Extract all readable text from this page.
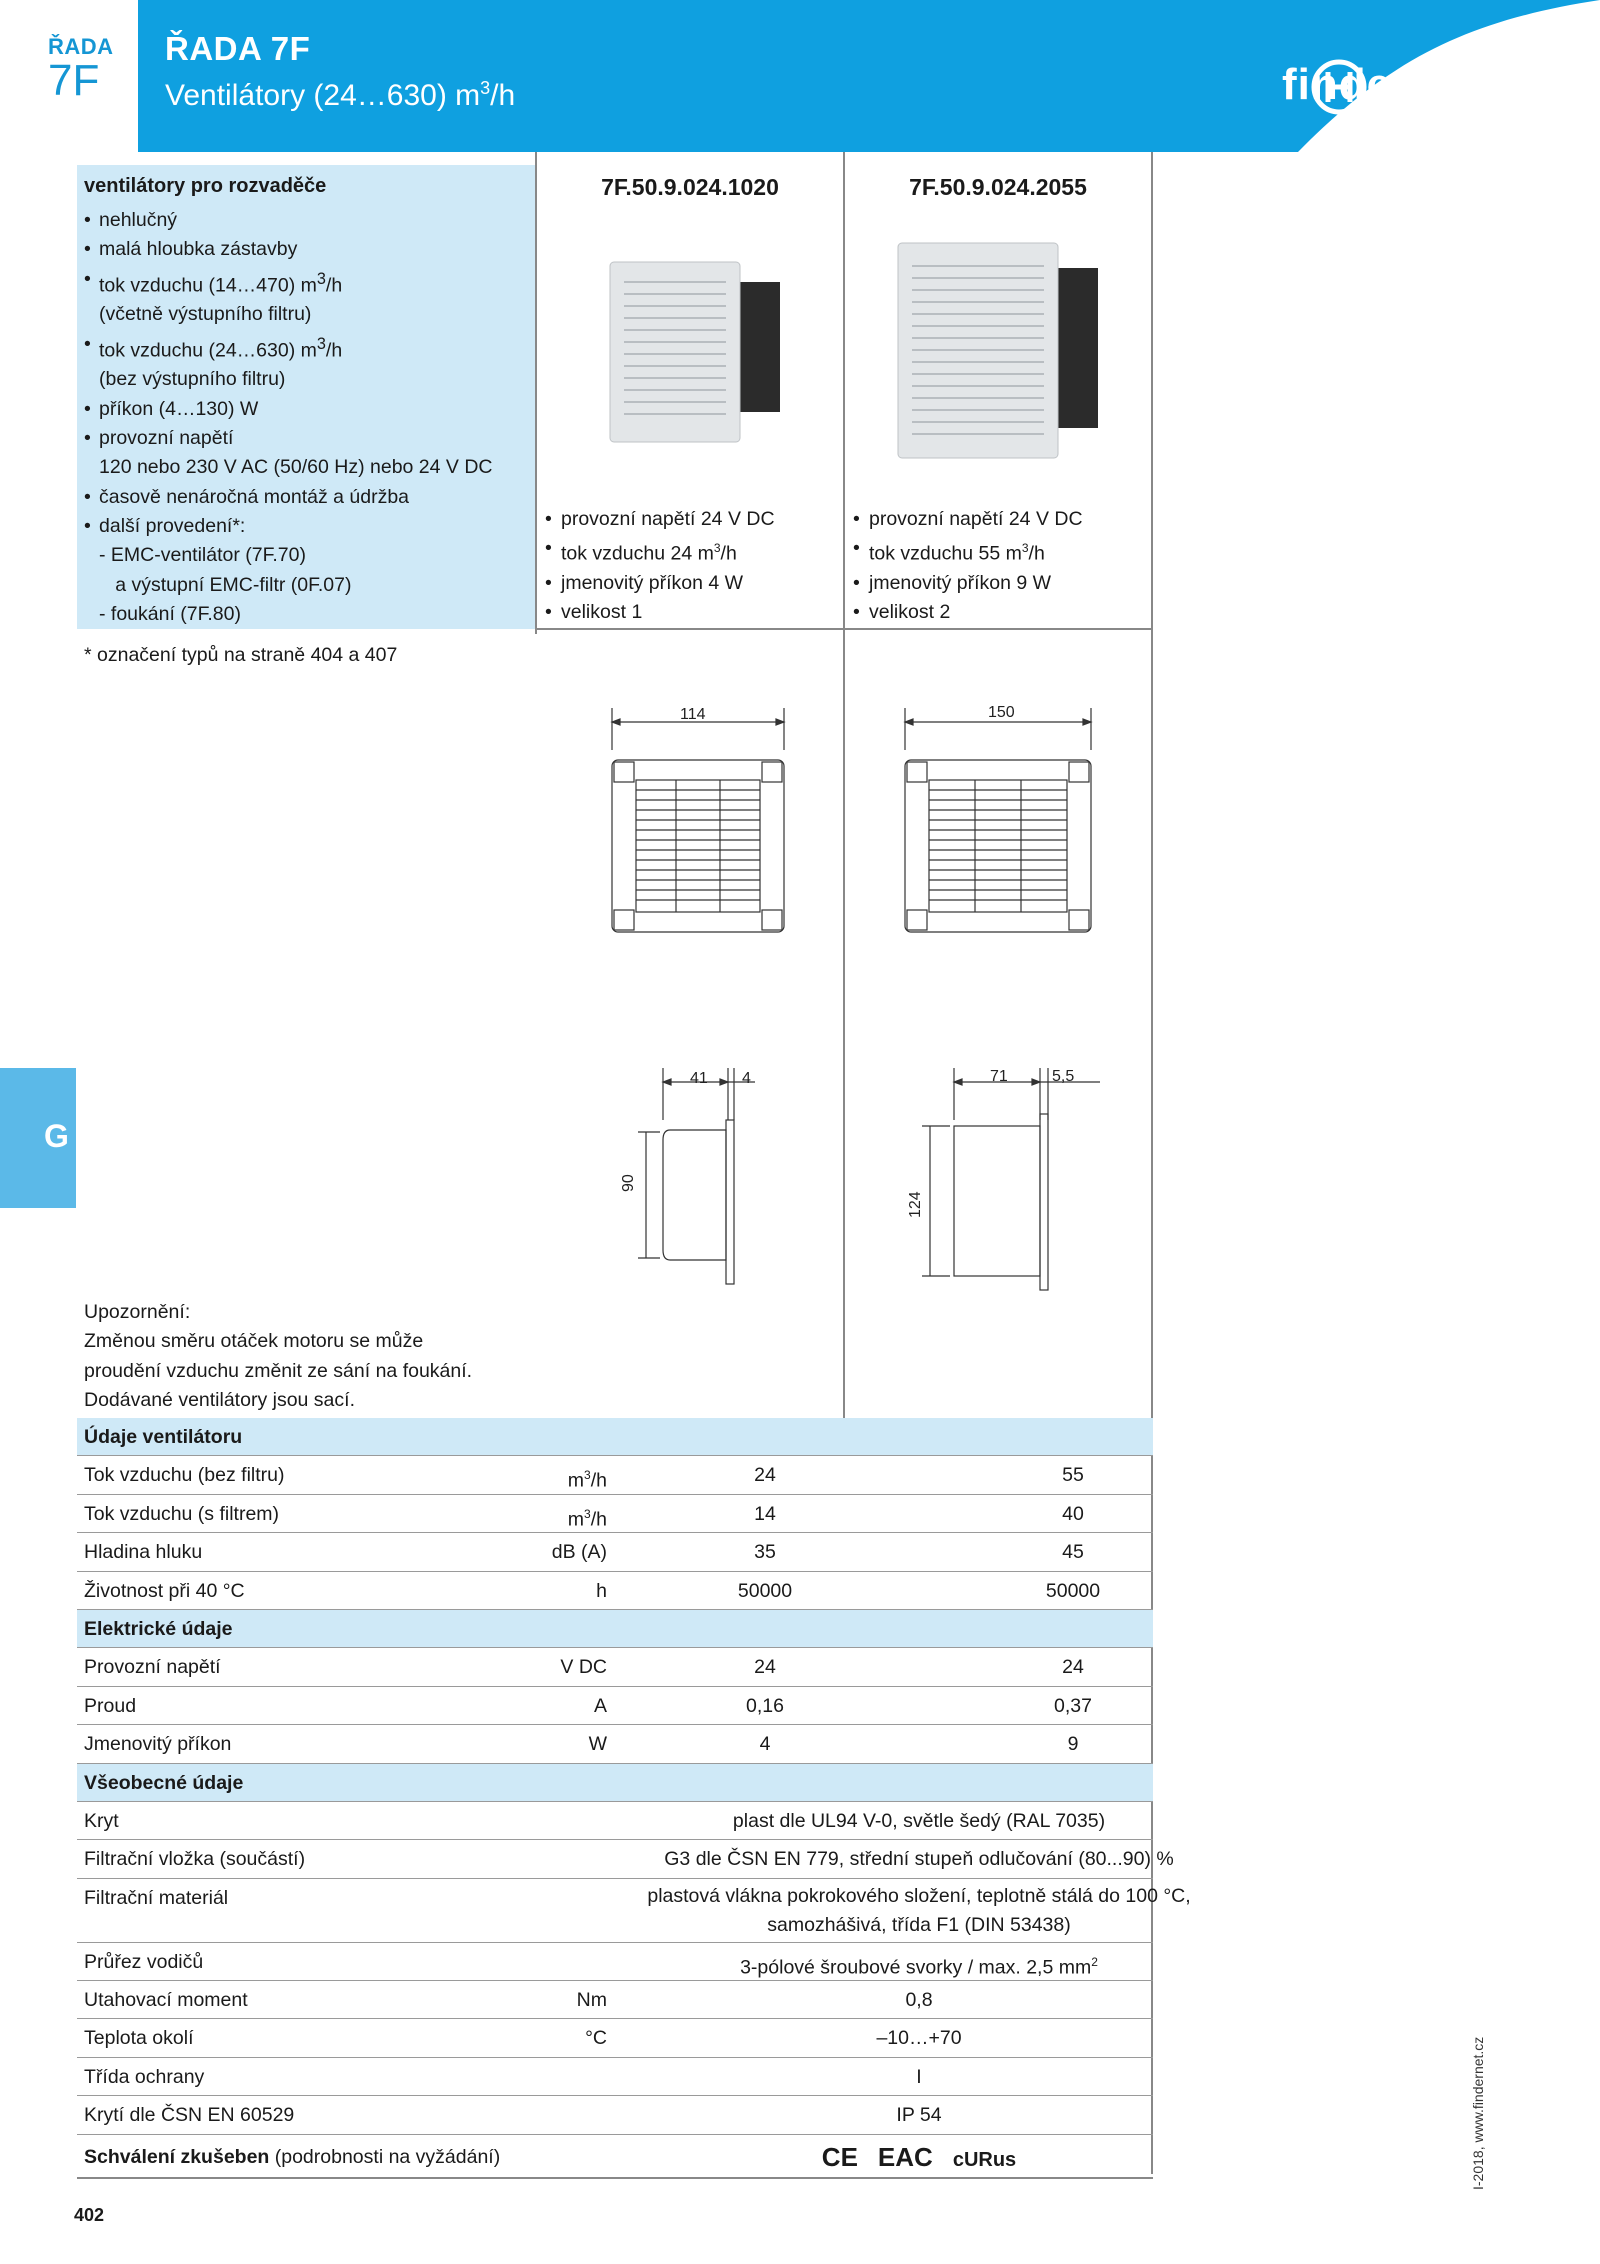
ŘADA
7F
ŘADA 7F
Ventilátory (24…630) $m^3/h$	finder
G
ventilátory pro rozvaděče
• nehlučný
• malá hloubka zástavby
• tok vzduchu (14…470) $m^3/h$
(včetně výstupního filtru)
• tok vzduchu (24…630) $m^3/h$
(bez výstupního filtru)
• příkon (4…130) W
• provozní napětí
120 nebo 230 V AC (50/60 Hz) nebo 24 V DC
• časově nenáročná montáž a údržba
• další provedení*:
- EMC-ventilátor (7F.70)
a výstupní EMC-filtr (0F.07)
- foukání (7F.80)
* označení typů na straně 404 a 407
7F.50.9.024.1020	7F.50.9.024.2055
• provozní napětí 24 V DC
• tok vzduchu 24 $m^3/h$
• jmenovitý příkon 4 W
• velikost 1
• provozní napětí 24 V DC
• tok vzduchu 55 $m^3/h$
• jmenovitý příkon 9 W
• velikost 2
114	150
41 4
90
71	5,5
124
Upozornění:
Změnou směru otáček motoru se může
proudění vzduchu změnit ze sání na foukání.
Dodávané ventilátory jsou sací.
Údaje ventilátoru
Tok vzduchu (bez filtru)	$m^3/h$	24	55
Tok vzduchu (s filtrem)	$m^3/h$	14	40
Hladina hluku	dB (A)	35	45
Životnost při 40 °C	h	50000	50000
Elektrické údaje
Provozní napětí	V DC	24	24
Proud	A	0,16	0,37
Jmenovitý příkon	W	4	9
Všeobecné údaje
Kryt	plast dle UL94 V-0, světle šedý (RAL 7035)
Filtrační vložka (součástí)	G3 dle ČSN EN 779, střední stupeň odlučování (80...90) %
Filtrační materiál	plastová vlákna pokrokového složení, teplotně stálá do 100 °C,
samozhášivá, třída F1 (DIN 53438)
Průřez vodičů	3-pólové šroubové svorky / max. 2,5 $mm^2$
Utahovací moment	Nm	0,8
Teplota okolí	°C	–10…+70
Třída ochrany	I
Krytí dle ČSN EN 60529	IP 54
Schválení zkušeben (podrobnosti na vyžádání)	CE EAC cURus
402
I-2018, www.findernet.cz
